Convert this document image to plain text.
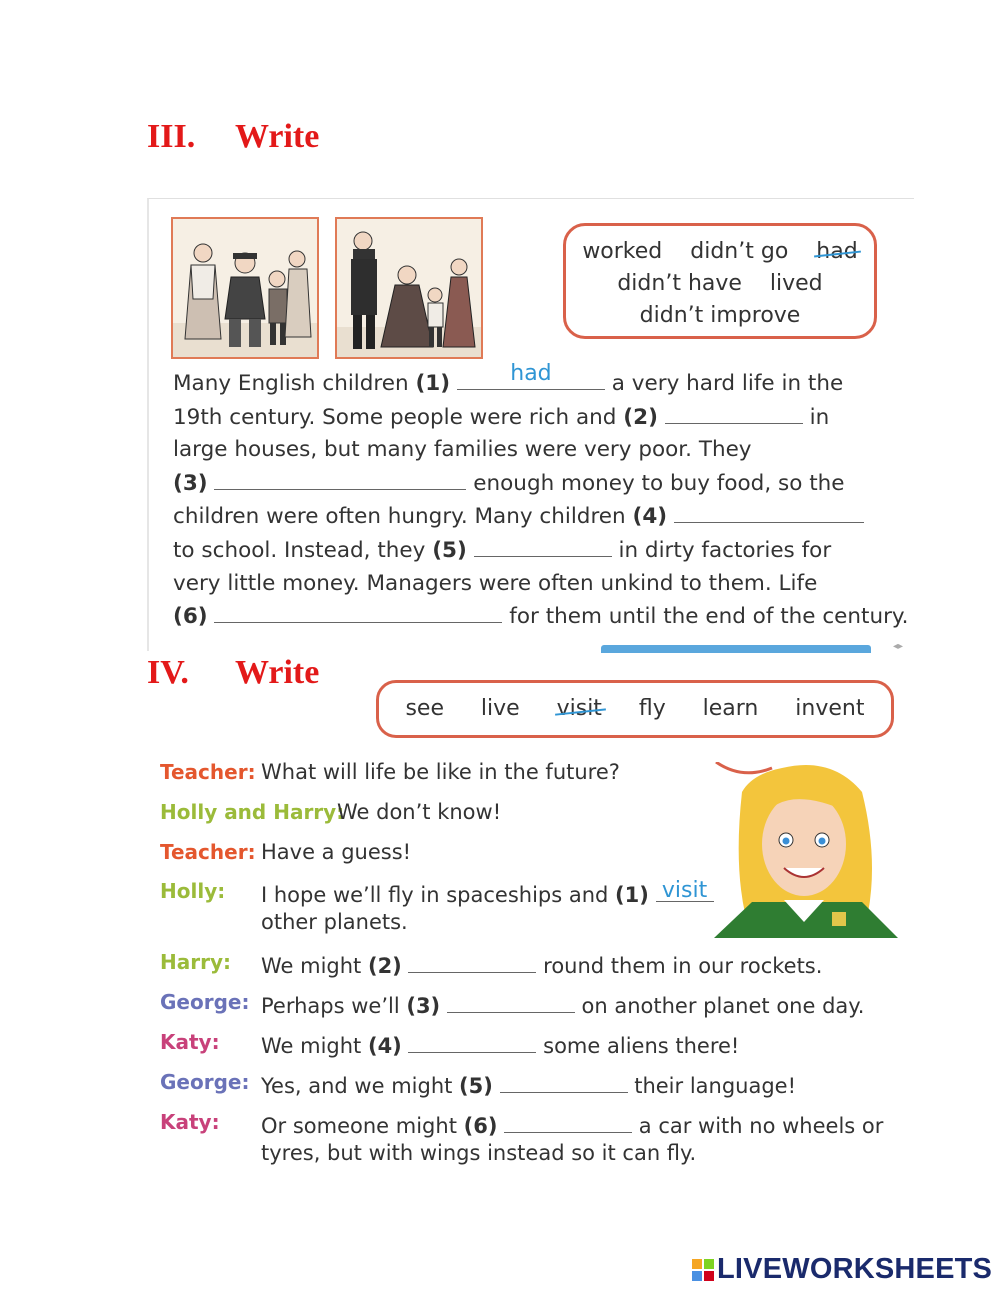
III. Write
worked didn’t go had
didn’t have lived
didn’t improve
Many English children (1)	had	a very hard life in the
19th century. Some people were rich and (2)	in
large houses, but many families were very poor. They
(3)	enough money to buy food, so the
children were often hungry. Many children (4)
to school. Instead, they (5)	in dirty factories for
very little money. Managers were often unkind to them. Life
(6)	for them until the end of the century.
◂▸
IV. Write
see live visit fly learn invent
Teacher: What will life be like in the future?
Holly and Harry:
We don’t know!
Teacher: Have a guess!
Holly: I hope we’ll fly in spaceships and (1) visit
other planets.
Harry: We might (2)	round them in our rockets.
George: Perhaps we’ll (3)	on another planet one day.
Katy: We might (4)	some aliens there!
George: Yes, and we might (5)	their language!
Katy: Or someone might (6)	a car with no wheels or
tyres, but with wings instead so it can fly.
LIVEWORKSHEETS
